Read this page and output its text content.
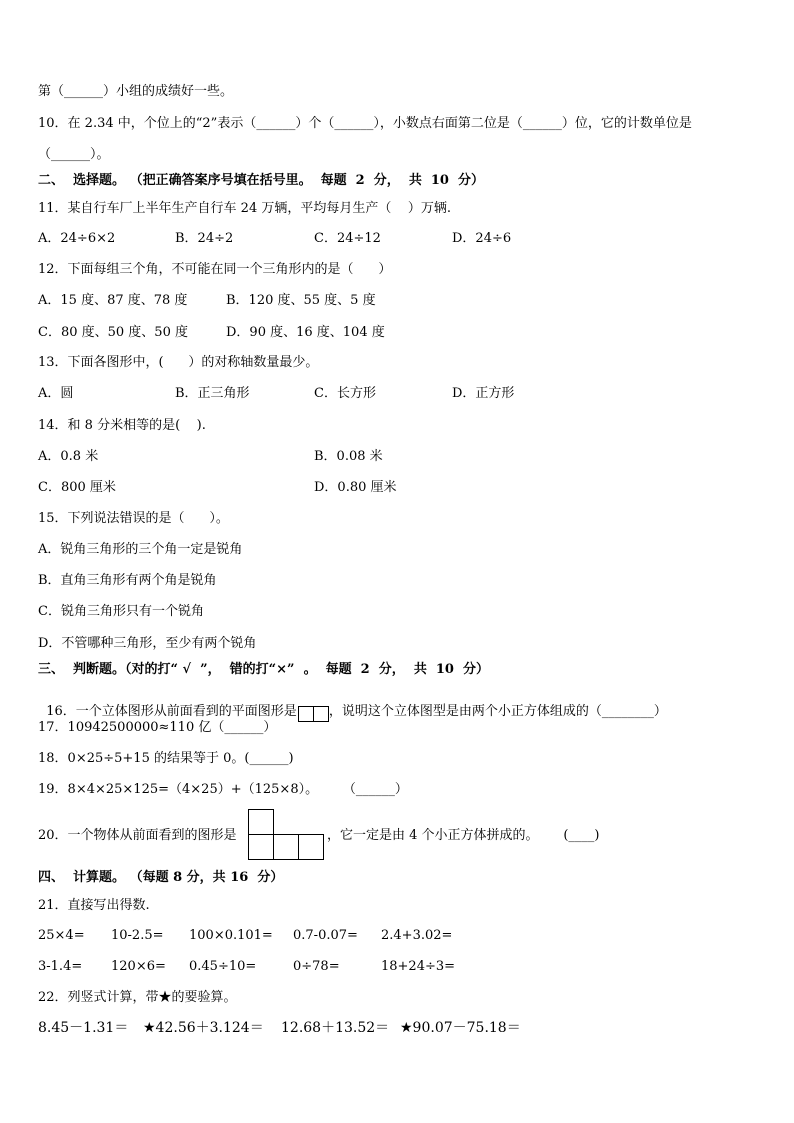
第（______）小组的成绩好一些。
10．在 2.34 中，个位上的“2”表示（______）个（______），小数点右面第二位是（______）位，它的计数单位是
（______）。
二、  选择题。 （把正确答案序号填在括号里。  每题  2  分，  共  10  分）
11．某自行车厂上半年生产自行车 24 万辆，平均每月生产（    ）万辆.
A．24÷6×2	B．24÷2	C．24÷12	D．24÷6
12．下面每组三个角，不可能在同一个三角形内的是（      ）
A．15 度、87 度、78 度	B．120 度、55 度、5 度
C．80 度、50 度、50 度	D．90 度、16 度、104 度
13．下面各图形中，(      ）的对称轴数量最少。
A．圆	B．正三角形	C．长方形	D．正方形
14．和 8 分米相等的是(    ).
A．0.8 米	B．0.08 米
C．800 厘米	D．0.80 厘米
15．下列说法错误的是（      ）。
A．锐角三角形的三个角一定是锐角
B．直角三角形有两个角是锐角
C．锐角三角形只有一个锐角
D．不管哪种三角形，至少有两个锐角
三、  判断题。（对的打“ √  ”，  错的打“×”  。  每题  2  分，  共  10  分）

16．一个立体图形从前面看到的平面图形是 ，说明这个立体图型是由两个小正方体组成的（________）

17．10942500000≈110 亿（______）
18．0×25÷5+15 的结果等于 0。(______)
19．8×4×25×125=（4×25）+（125×8）。      （______）
20．一个物体从前面看到的图形是	，它一定是由 4 个小正方体拼成的。      (____)
四、  计算题。 （每题 8 分，共 16  分）
21．直接写出得数.
25×4= 10-2.5= 100×0.101= 0.7-0.07= 2.4+3.02=
3-1.4= 120×6= 0.45÷10=	0÷78=	18+24÷3=
22．列竖式计算，带★的要验算。
8.45－1.31＝ ★42.56＋3.124＝ 12.68＋13.52＝ ★90.07－75.18＝
